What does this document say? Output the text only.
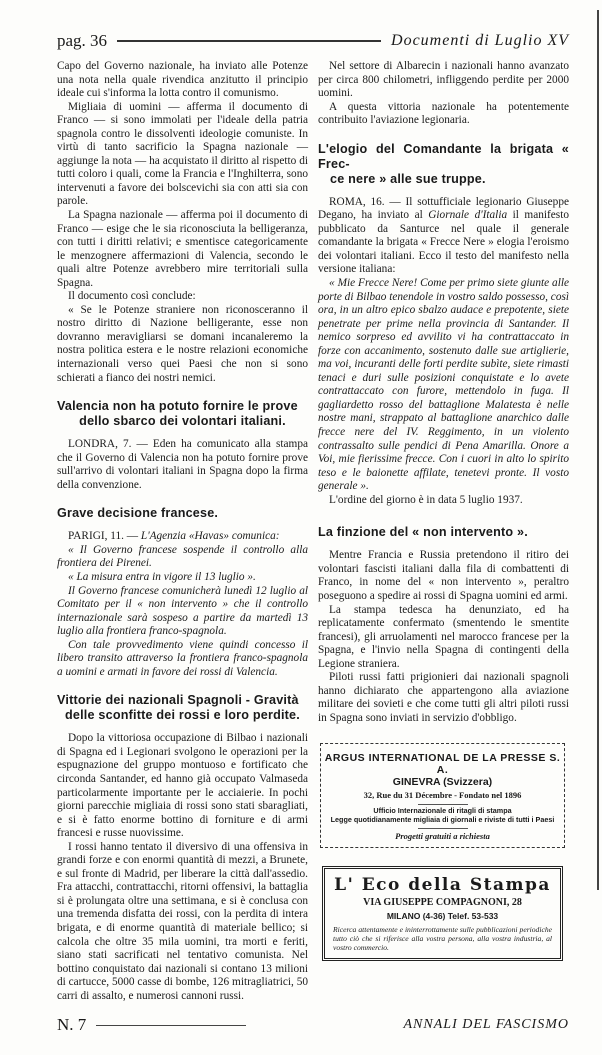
pag. 36	Documenti di Luglio XV

Capo del Governo nazionale, ha inviato alle Potenze una nota nella quale rivendica anzitutto il principio ideale cui s'informa la lotta contro il comunismo.

Migliaia di uomini — afferma il documento di Franco — si sono immolati per l'ideale della patria spagnola contro le dissolventi ideologie comuniste. In virtù di tanto sacrificio la Spagna nazionale — aggiunge la nota — ha acquistato il diritto al rispetto di tutti coloro i quali, come la Francia e l'Inghilterra, sono intervenuti a favore dei bolscevichi sia con atti sia con parole.

La Spagna nazionale — afferma poi il documento di Franco — esige che le sia riconosciuta la belligeranza, con tutti i diritti relativi; e smentisce categoricamente le menzognere affermazioni di Valencia, secondo le quali altre Potenze avrebbero mire territoriali sulla Spagna.

Il documento così conclude:

« Se le Potenze straniere non riconosceranno il nostro diritto di Nazione belligerante, esse non dovranno meravigliarsi se domani incanaleremo la nostra politica estera e le nostre relazioni economiche internazionali verso quei Paesi che non si sono schierati a fianco dei nostri nemici.

Valencia non ha potuto fornire le prove
dello sbarco dei volontari italiani.

LONDRA, 7. — Eden ha comunicato alla stampa che il Governo di Valencia non ha potuto fornire prove sull'arrivo di volontari italiani in Spagna dopo la firma della convenzione.

Grave decisione francese.

PARIGI, 11. — L'Agenzia «Havas» comunica:

« Il Governo francese sospende il controllo alla frontiera dei Pirenei.

« La misura entra in vigore il 13 luglio ».

Il Governo francese comunicherà lunedì 12 luglio al Comitato per il « non intervento » che il controllo internazionale sarà sospeso a partire da martedì 13 luglio alla frontiera franco-spagnola.

Con tale provvedimento viene quindi concesso il libero transito attraverso la frontiera franco-spagnola a uomini e armati in favore dei rossi di Valencia.

Vittorie dei nazionali Spagnoli - Gravità
delle sconfitte dei rossi e loro perdite.

Dopo la vittoriosa occupazione di Bilbao i nazionali di Spagna ed i Legionari svolgono le operazioni per la espugnazione del gruppo montuoso e fortificato che circonda Santander, ed hanno già occupato Valmaseda particolarmente importante per le acciaierie. In pochi giorni parecchie migliaia di rossi sono stati sbaragliati, e si è fatto enorme bottino di forniture e di armi francesi e russe nuovissime.

I rossi hanno tentato il diversivo di una offensiva in grandi forze e con enormi quantità di mezzi, a Brunete, e sul fronte di Madrid, per liberare la città dall'assedio. Fra attacchi, contrattacchi, ritorni offensivi, la battaglia si è prolungata oltre una settimana, e si è conclusa con una tremenda disfatta dei rossi, con la perdita di intera brigata, e di enorme quantità di materiale bellico; si calcola che oltre 35 mila uomini, tra morti e feriti, siano stati sacrificati nel tentativo comunista. Nel bottino conquistato dai nazionali si contano 13 milioni di cartucce, 5000 casse di bombe, 126 mitragliatrici, 50 carri di assalto, e numerosi cannoni russi.

Nel settore di Albarecin i nazionali hanno avanzato per circa 800 chilometri, infliggendo perdite per 2000 uomini.

A questa vittoria nazionale ha potentemente contribuito l'aviazione legionaria.

L'elogio del Comandante la brigata « Frec-
ce nere » alle sue truppe.

ROMA, 16. — Il sottufficiale legionario Giuseppe Degano, ha inviato al Giornale d'Italia il manifesto pubblicato da Santurce nel quale il generale comandante la brigata « Frecce Nere » elogia l'eroismo dei volontari italiani. Ecco il testo del manifesto nella versione italiana:

« Mie Frecce Nere! Come per primo siete giunte alle porte di Bilbao tenendole in vostro saldo possesso, così ora, in un altro epico sbalzo audace e prepotente, siete penetrate per prime nella provincia di Santander. Il nemico sorpreso ed avvilito vi ha contrattaccato in forze con accanimento, sostenuto dalle sue artiglierie, ma voi, incuranti delle forti perdite subìte, siete rimasti tenaci e duri sulle posizioni conquistate e lo avete contrattaccato con furore, mettendolo in fuga. Il gagliardetto rosso del battaglione Malatesta è nelle nostre mani, strappato al battaglione anarchico dalle frecce nere del IV. Reggimento, in un violento contrassalto sulle pendici di Pena Amarilla. Onore a Voi, mie fierissime frecce. Con i cuori in alto lo spirito teso e le baionette affilate, tenetevi pronte. Il vosto generale ».

L'ordine del giorno è in data 5 luglio 1937.

La finzione del « non intervento ».

Mentre Francia e Russia pretendono il ritiro dei volontari fascisti italiani dalla fila di combattenti di Franco, in nome del « non intervento », peraltro poseguono a spedire ai rossi di Spagna uomini ed armi.

La stampa tedesca ha denunziato, ed ha replicatamente confermato (smentendo le smentite francesi), gli arruolamenti nel marocco francese per la Spagna, e l'invio nella Spagna di contingenti della Legione straniera.

Piloti russi fatti prigionieri dai nazionali spagnoli hanno dichiarato che appartengono alla aviazione militare dei sovieti e che come tutti gli altri piloti russi in Spagna sono inviati in servizio d'obbligo.

ARGUS INTERNATIONAL DE LA PRESSE S. A.
GINEVRA (Svizzera)
32, Rue du 31 Décembre - Fondato nel 1896
Ufficio Internazionale di ritagli di stampa
Legge quotidianamente migliaia di giornali e riviste di tutti i Paesi
Progetti gratuiti a richiesta
L' Eco della Stampa
VIA GIUSEPPE COMPAGNONI, 28
MILANO (4-36) Telef. 53-533
Ricerca attentamente e ininterrottamente sulle pubblicazioni periodiche tutto ciò che si riferisce alla vostra persona, alla vostra industria, al vostro commercio.
N. 7	ANNALI DEL FASCISMO
